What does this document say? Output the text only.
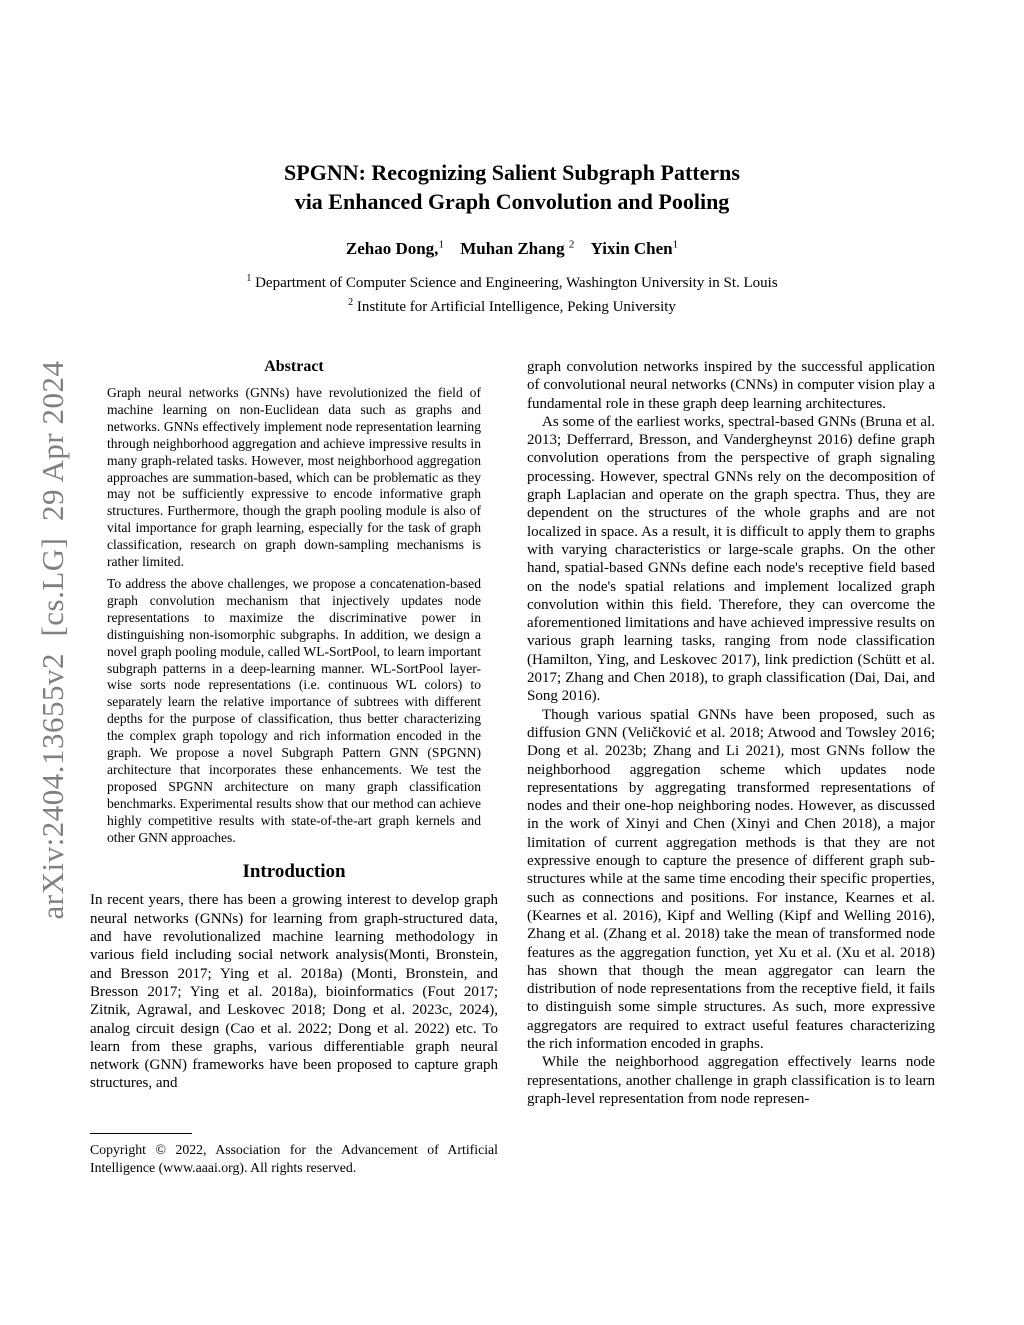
arXiv:2404.13655v2  [cs.LG]  29 Apr 2024
SPGNN: Recognizing Salient Subgraph Patterns
via Enhanced Graph Convolution and Pooling
Zehao Dong,$^1$ Muhan Zhang $^2$ Yixin Chen$^1$
$^1$ Department of Computer Science and Engineering, Washington University in St. Louis
$^2$ Institute for Artificial Intelligence, Peking University
Abstract

Graph neural networks (GNNs) have revolutionized the field of machine learning on non-Euclidean data such as graphs and networks. GNNs effectively implement node representation learning through neighborhood aggregation and achieve impressive results in many graph-related tasks. However, most neighborhood aggregation approaches are summation-based, which can be problematic as they may not be sufficiently expressive to encode informative graph structures. Furthermore, though the graph pooling module is also of vital importance for graph learning, especially for the task of graph classification, research on graph down-sampling mechanisms is rather limited.

To address the above challenges, we propose a concatenation-based graph convolution mechanism that injectively updates node representations to maximize the discriminative power in distinguishing non-isomorphic subgraphs. In addition, we design a novel graph pooling module, called WL-SortPool, to learn important subgraph patterns in a deep-learning manner. WL-SortPool layer-wise sorts node representations (i.e. continuous WL colors) to separately learn the relative importance of subtrees with different depths for the purpose of classification, thus better characterizing the complex graph topology and rich information encoded in the graph. We propose a novel Subgraph Pattern GNN (SPGNN) architecture that incorporates these enhancements. We test the proposed SPGNN architecture on many graph classification benchmarks. Experimental results show that our method can achieve highly competitive results with state-of-the-art graph kernels and other GNN approaches.

Introduction

In recent years, there has been a growing interest to develop graph neural networks (GNNs) for learning from graph-structured data, and have revolutionalized machine learning methodology in various field including social network analysis(Monti, Bronstein, and Bresson 2017; Ying et al. 2018a) (Monti, Bronstein, and Bresson 2017; Ying et al. 2018a), bioinformatics (Fout 2017; Zitnik, Agrawal, and Leskovec 2018; Dong et al. 2023c, 2024), analog circuit design (Cao et al. 2022; Dong et al. 2022) etc. To learn from these graphs, various differentiable graph neural network (GNN) frameworks have been proposed to capture graph structures, and

Copyright © 2022, Association for the Advancement of Artificial Intelligence (www.aaai.org). All rights reserved.

graph convolution networks inspired by the successful application of convolutional neural networks (CNNs) in computer vision play a fundamental role in these graph deep learning architectures.

As some of the earliest works, spectral-based GNNs (Bruna et al. 2013; Defferrard, Bresson, and Vandergheynst 2016) define graph convolution operations from the perspective of graph signaling processing. However, spectral GNNs rely on the decomposition of graph Laplacian and operate on the graph spectra. Thus, they are dependent on the structures of the whole graphs and are not localized in space. As a result, it is difficult to apply them to graphs with varying characteristics or large-scale graphs. On the other hand, spatial-based GNNs define each node's receptive field based on the node's spatial relations and implement localized graph convolution within this field. Therefore, they can overcome the aforementioned limitations and have achieved impressive results on various graph learning tasks, ranging from node classification (Hamilton, Ying, and Leskovec 2017), link prediction (Schütt et al. 2017; Zhang and Chen 2018), to graph classification (Dai, Dai, and Song 2016).

Though various spatial GNNs have been proposed, such as diffusion GNN (Veličković et al. 2018; Atwood and Towsley 2016; Dong et al. 2023b; Zhang and Li 2021), most GNNs follow the neighborhood aggregation scheme which updates node representations by aggregating transformed representations of nodes and their one-hop neighboring nodes. However, as discussed in the work of Xinyi and Chen (Xinyi and Chen 2018), a major limitation of current aggregation methods is that they are not expressive enough to capture the presence of different graph sub-structures while at the same time encoding their specific properties, such as connections and positions. For instance, Kearnes et al. (Kearnes et al. 2016), Kipf and Welling (Kipf and Welling 2016), Zhang et al. (Zhang et al. 2018) take the mean of transformed node features as the aggregation function, yet Xu et al. (Xu et al. 2018) has shown that though the mean aggregator can learn the distribution of node representations from the receptive field, it fails to distinguish some simple structures. As such, more expressive aggregators are required to extract useful features characterizing the rich information encoded in graphs.

While the neighborhood aggregation effectively learns node representations, another challenge in graph classification is to learn graph-level representation from node represen-
